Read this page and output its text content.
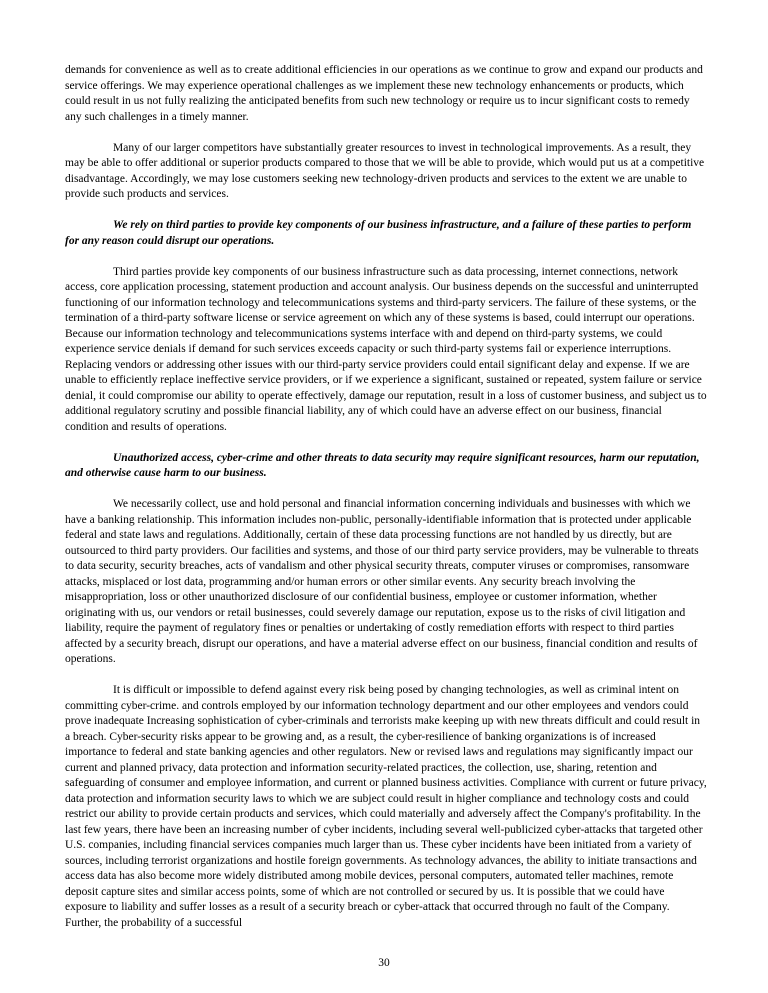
demands for convenience as well as to create additional efficiencies in our operations as we continue to grow and expand our products and service offerings. We may experience operational challenges as we implement these new technology enhancements or products, which could result in us not fully realizing the anticipated benefits from such new technology or require us to incur significant costs to remedy any such challenges in a timely manner.

Many of our larger competitors have substantially greater resources to invest in technological improvements. As a result, they may be able to offer additional or superior products compared to those that we will be able to provide, which would put us at a competitive disadvantage. Accordingly, we may lose customers seeking new technology-driven products and services to the extent we are unable to provide such products and services.

We rely on third parties to provide key components of our business infrastructure, and a failure of these parties to perform for any reason could disrupt our operations.

Third parties provide key components of our business infrastructure such as data processing, internet connections, network access, core application processing, statement production and account analysis. Our business depends on the successful and uninterrupted functioning of our information technology and telecommunications systems and third-party servicers. The failure of these systems, or the termination of a third-party software license or service agreement on which any of these systems is based, could interrupt our operations. Because our information technology and telecommunications systems interface with and depend on third-party systems, we could experience service denials if demand for such services exceeds capacity or such third-party systems fail or experience interruptions. Replacing vendors or addressing other issues with our third-party service providers could entail significant delay and expense. If we are unable to efficiently replace ineffective service providers, or if we experience a significant, sustained or repeated, system failure or service denial, it could compromise our ability to operate effectively, damage our reputation, result in a loss of customer business, and subject us to additional regulatory scrutiny and possible financial liability, any of which could have an adverse effect on our business, financial condition and results of operations.

Unauthorized access, cyber-crime and other threats to data security may require significant resources, harm our reputation, and otherwise cause harm to our business.

We necessarily collect, use and hold personal and financial information concerning individuals and businesses with which we have a banking relationship. This information includes non-public, personally-identifiable information that is protected under applicable federal and state laws and regulations. Additionally, certain of these data processing functions are not handled by us directly, but are outsourced to third party providers. Our facilities and systems, and those of our third party service providers, may be vulnerable to threats to data security, security breaches, acts of vandalism and other physical security threats, computer viruses or compromises, ransomware attacks, misplaced or lost data, programming and/or human errors or other similar events. Any security breach involving the misappropriation, loss or other unauthorized disclosure of our confidential business, employee or customer information, whether originating with us, our vendors or retail businesses, could severely damage our reputation, expose us to the risks of civil litigation and liability, require the payment of regulatory fines or penalties or undertaking of costly remediation efforts with respect to third parties affected by a security breach, disrupt our operations, and have a material adverse effect on our business, financial condition and results of operations.

It is difficult or impossible to defend against every risk being posed by changing technologies, as well as criminal intent on committing cyber-crime. and controls employed by our information technology department and our other employees and vendors could prove inadequate Increasing sophistication of cyber-criminals and terrorists make keeping up with new threats difficult and could result in a breach. Cyber-security risks appear to be growing and, as a result, the cyber-resilience of banking organizations is of increased importance to federal and state banking agencies and other regulators. New or revised laws and regulations may significantly impact our current and planned privacy, data protection and information security-related practices, the collection, use, sharing, retention and safeguarding of consumer and employee information, and current or planned business activities. Compliance with current or future privacy, data protection and information security laws to which we are subject could result in higher compliance and technology costs and could restrict our ability to provide certain products and services, which could materially and adversely affect the Company's profitability. In the last few years, there have been an increasing number of cyber incidents, including several well-publicized cyber-attacks that targeted other U.S. companies, including financial services companies much larger than us. These cyber incidents have been initiated from a variety of sources, including terrorist organizations and hostile foreign governments. As technology advances, the ability to initiate transactions and access data has also become more widely distributed among mobile devices, personal computers, automated teller machines, remote deposit capture sites and similar access points, some of which are not controlled or secured by us. It is possible that we could have exposure to liability and suffer losses as a result of a security breach or cyber-attack that occurred through no fault of the Company. Further, the probability of a successful

30
